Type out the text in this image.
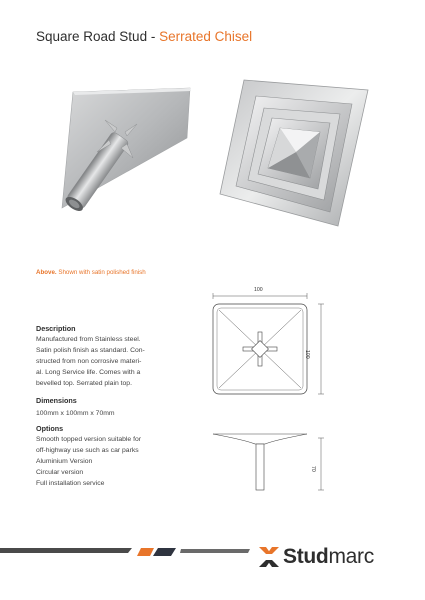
Square Road Stud - Serrated Chisel
Above. Shown with satin polished finish
Description
Manufactured from Stainless steel.
Satin polish finish as standard. Con-
structed from non corrosive materi-
al. Long Service life. Comes with a
bevelled top. Serrated plain top.
Dimensions
100mm x 100mm x 70mm
Options
Smooth topped version suitable for
off-highway use such as car parks
Aluminium Version
Circular version
Full installation service
100
100
70
Studmarc
